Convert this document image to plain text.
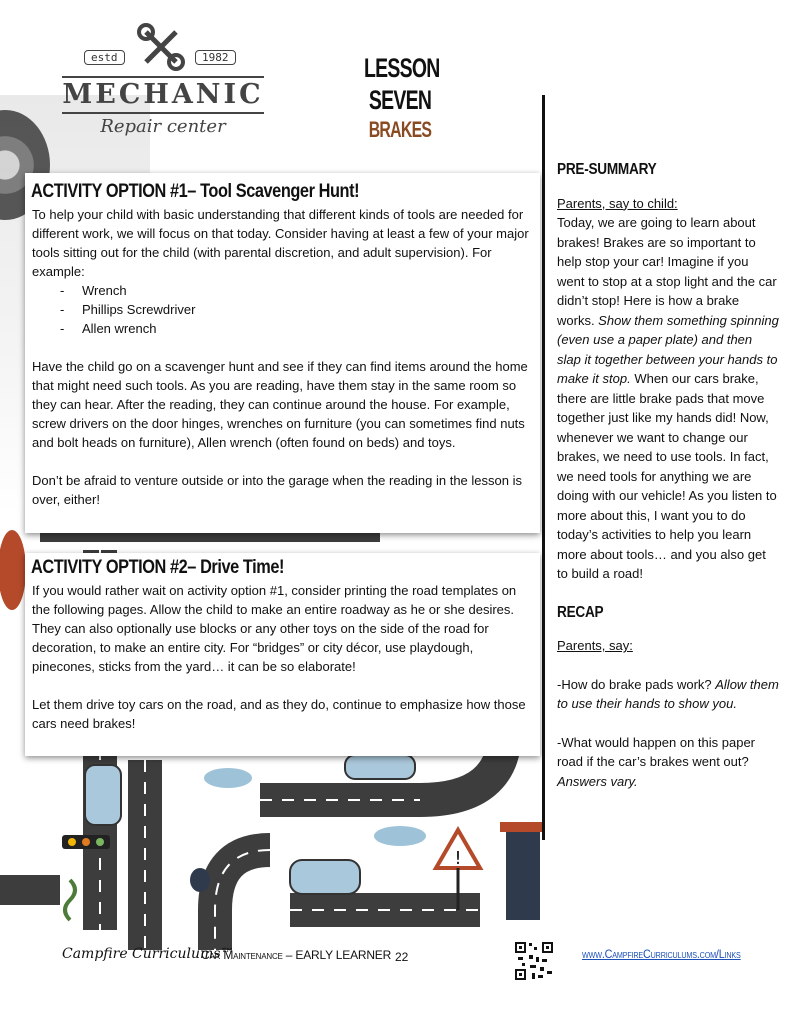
!
estd	1982
MECHANIC
Repair center
LESSON
SEVEN
BRAKES
ACTIVITY OPTION #1– Tool Scavenger Hunt!

To help your child with basic understanding that different kinds of tools are needed for different work, we will focus on that today. Consider having at least a few of your major tools sitting out for the child (with parental discretion, and adult supervision). For example:

- Wrench
- Phillips Screwdriver
- Allen wrench

Have the child go on a scavenger hunt and see if they can find items around the home that might need such tools. As you are reading, have them stay in the same room so they can hear. After the reading, they can continue around the house. For example, screw drivers on the door hinges, wrenches on furniture (you can sometimes find nuts and bolt heads on furniture), Allen wrench (often found on beds) and toys.

Don’t be afraid to venture outside or into the garage when the reading in the lesson is over, either!

ACTIVITY OPTION #2– Drive Time!

If you would rather wait on activity option #1, consider printing the road templates on the following pages. Allow the child to make an entire roadway as he or she desires. They can also optionally use blocks or any other toys on the side of the road for decoration, to make an entire city. For “bridges” or city décor, use playdough, pinecones, sticks from the yard… it can be so elaborate!

Let them drive toy cars on the road, and as they do, continue to emphasize how those cars need brakes!

PRE-SUMMARY
Parents, say to child:

Today, we are going to learn about brakes! Brakes are so important to help stop your car! Imagine if you went to stop at a stop light and the car didn’t stop! Here is how a brake works. Show them something spinning (even use a paper plate) and then slap it together between your hands to make it stop. When our cars brake, there are little brake pads that move together just like my hands did! Now, whenever we want to change our brakes, we need to use tools. In fact, we need tools for anything we are doing with our vehicle! As you listen to more about this, I want you to do today’s activities to help you learn more about tools… and you also get to build a road!

RECAP
Parents, say:

-How do brake pads work? Allow them to use their hands to show you.

-What would happen on this paper road if the car’s brakes went out? Answers vary.

Campfire Curriculums™
Car Maintenance – EARLY LEARNER 22	www.CampfireCurriculums.com/Links
